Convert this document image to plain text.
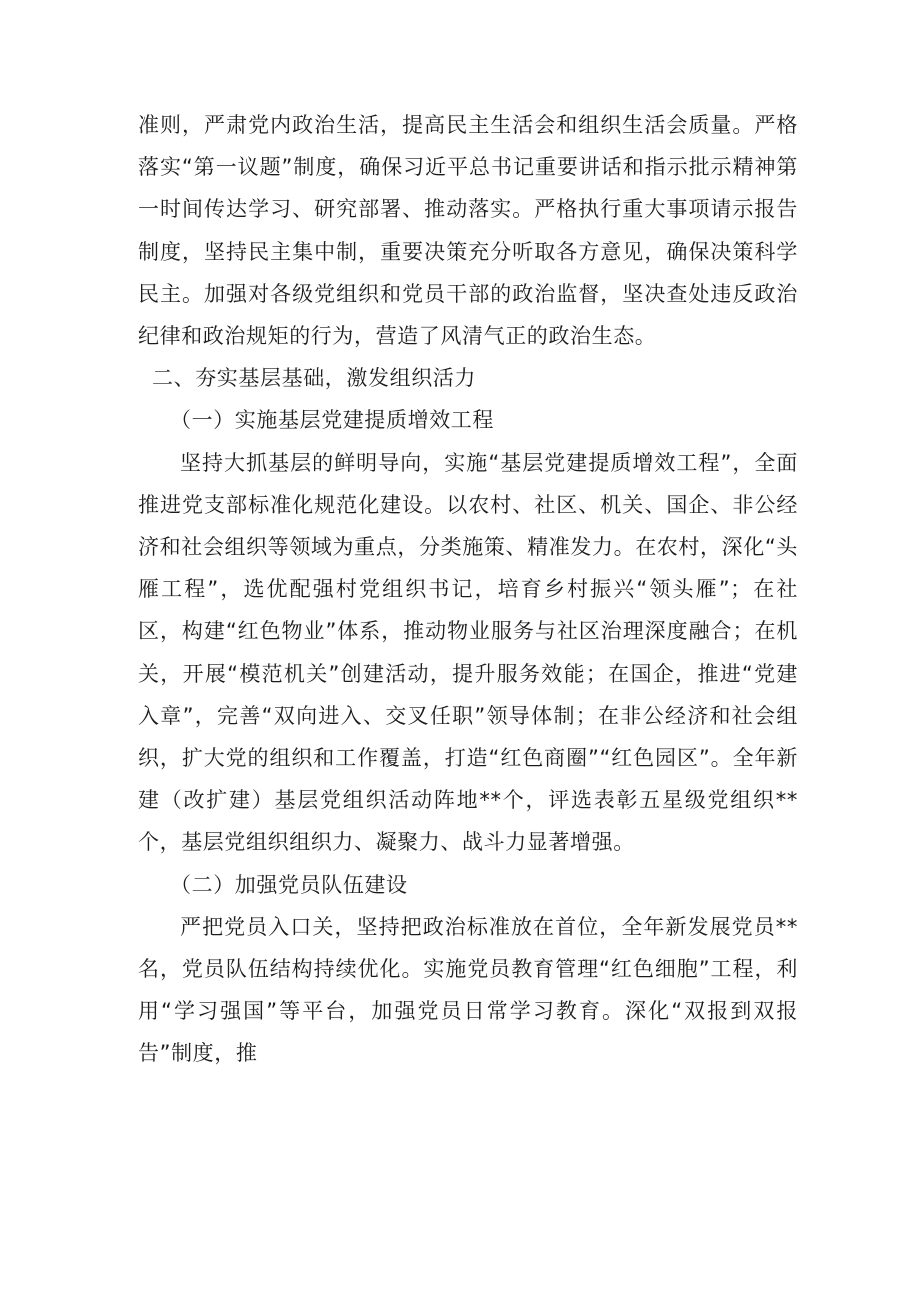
准则，严肃党内政治生活，提高民主生活会和组织生活会质量。严格落实“第一议题”制度，确保习近平总书记重要讲话和指示批示精神第一时间传达学习、研究部署、推动落实。严格执行重大事项请示报告制度，坚持民主集中制，重要决策充分听取各方意见，确保决策科学民主。加强对各级党组织和党员干部的政治监督，坚决查处违反政治纪律和政治规矩的行为，营造了风清气正的政治生态。

二、夯实基层基础，激发组织活力

（一）实施基层党建提质增效工程

坚持大抓基层的鲜明导向，实施“基层党建提质增效工程”，全面推进党支部标准化规范化建设。以农村、社区、机关、国企、非公经济和社会组织等领域为重点，分类施策、精准发力。在农村，深化“头雁工程”，选优配强村党组织书记，培育乡村振兴“领头雁”；在社区，构建“红色物业”体系，推动物业服务与社区治理深度融合；在机关，开展“模范机关”创建活动，提升服务效能；在国企，推进“党建入章”，完善“双向进入、交叉任职”领导体制；在非公经济和社会组织，扩大党的组织和工作覆盖，打造“红色商圈”“红色园区”。全年新建（改扩建）基层党组织活动阵地**个，评选表彰五星级党组织**个，基层党组织组织力、凝聚力、战斗力显著增强。

（二）加强党员队伍建设

严把党员入口关，坚持把政治标准放在首位，全年新发展党员**名，党员队伍结构持续优化。实施党员教育管理“红色细胞”工程，利用“学习强国”等平台，加强党员日常学习教育。深化“双报到双报告”制度，推
